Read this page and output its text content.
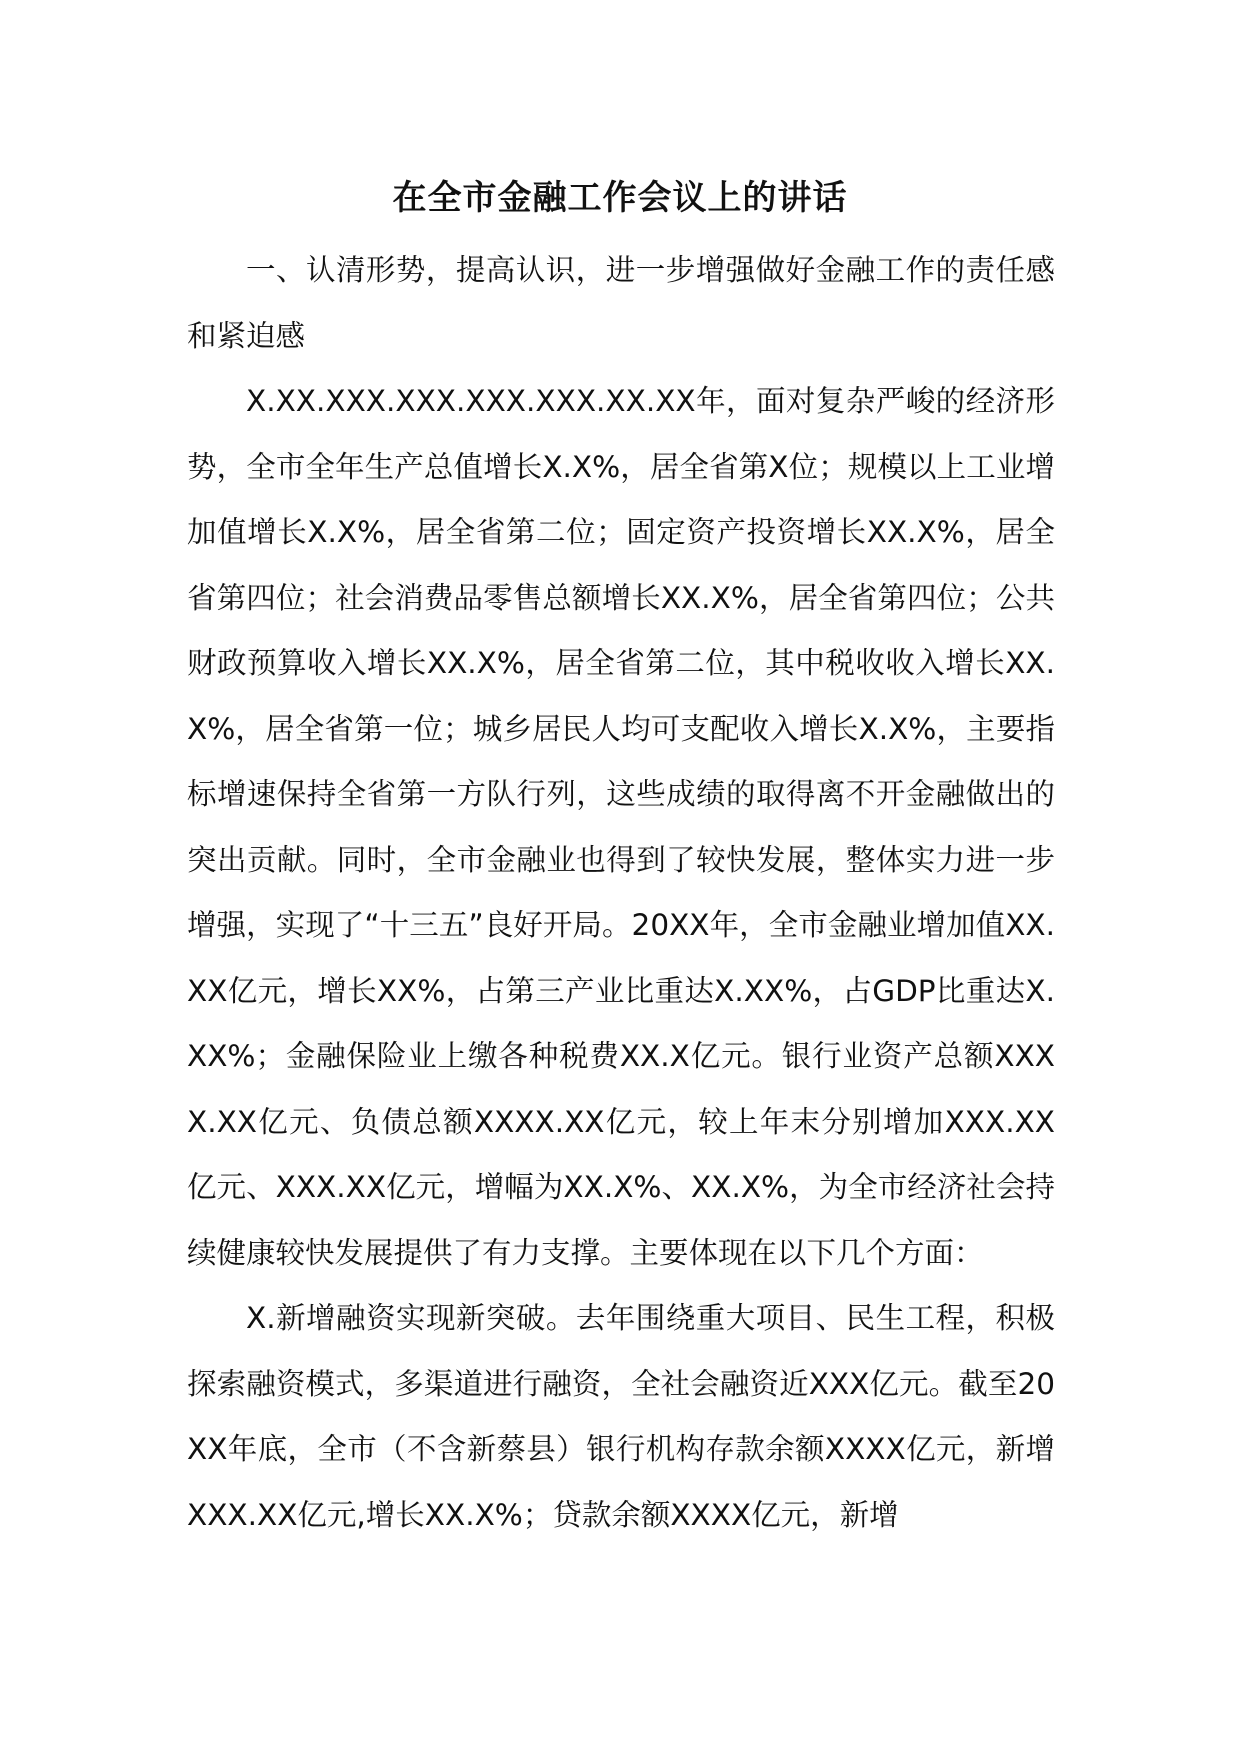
在全市金融工作会议上的讲话

一、认清形势，提高认识，进一步增强做好金融工作的责任感和紧迫感

X.XX.XXX.XXX.XXX.XXX.XX.XX年，面对复杂严峻的经济形势，全市全年生产总值增长X.X%，居全省第X位；规模以上工业增加值增长X.X%，居全省第二位；固定资产投资增长XX.X%，居全省第四位；社会消费品零售总额增长XX.X%，居全省第四位；公共财政预算收入增长XX.X%，居全省第二位，其中税收收入增长XX.X%，居全省第一位；城乡居民人均可支配收入增长X.X%，主要指标增速保持全省第一方队行列，这些成绩的取得离不开金融做出的突出贡献。同时，全市金融业也得到了较快发展，整体实力进一步增强，实现了“十三五”良好开局。20XX年，全市金融业增加值XX.XX亿元，增长XX%，占第三产业比重达X.XX%，占GDP比重达X.XX%；金融保险业上缴各种税费XX.X亿元。银行业资产总额XXXX.XX亿元、负债总额XXXX.XX亿元，较上年末分别增加XXX.XX亿元、XXX.XX亿元，增幅为XX.X%、XX.X%，为全市经济社会持续健康较快发展提供了有力支撑。主要体现在以下几个方面：

X.新增融资实现新突破。去年围绕重大项目、民生工程，积极探索融资模式，多渠道进行融资，全社会融资近XXX亿元。截至20XX年底，全市（不含新蔡县）银行机构存款余额XXXX亿元，新增XXX.XX亿元,增长XX.X%；贷款余额XXXX亿元，新增
